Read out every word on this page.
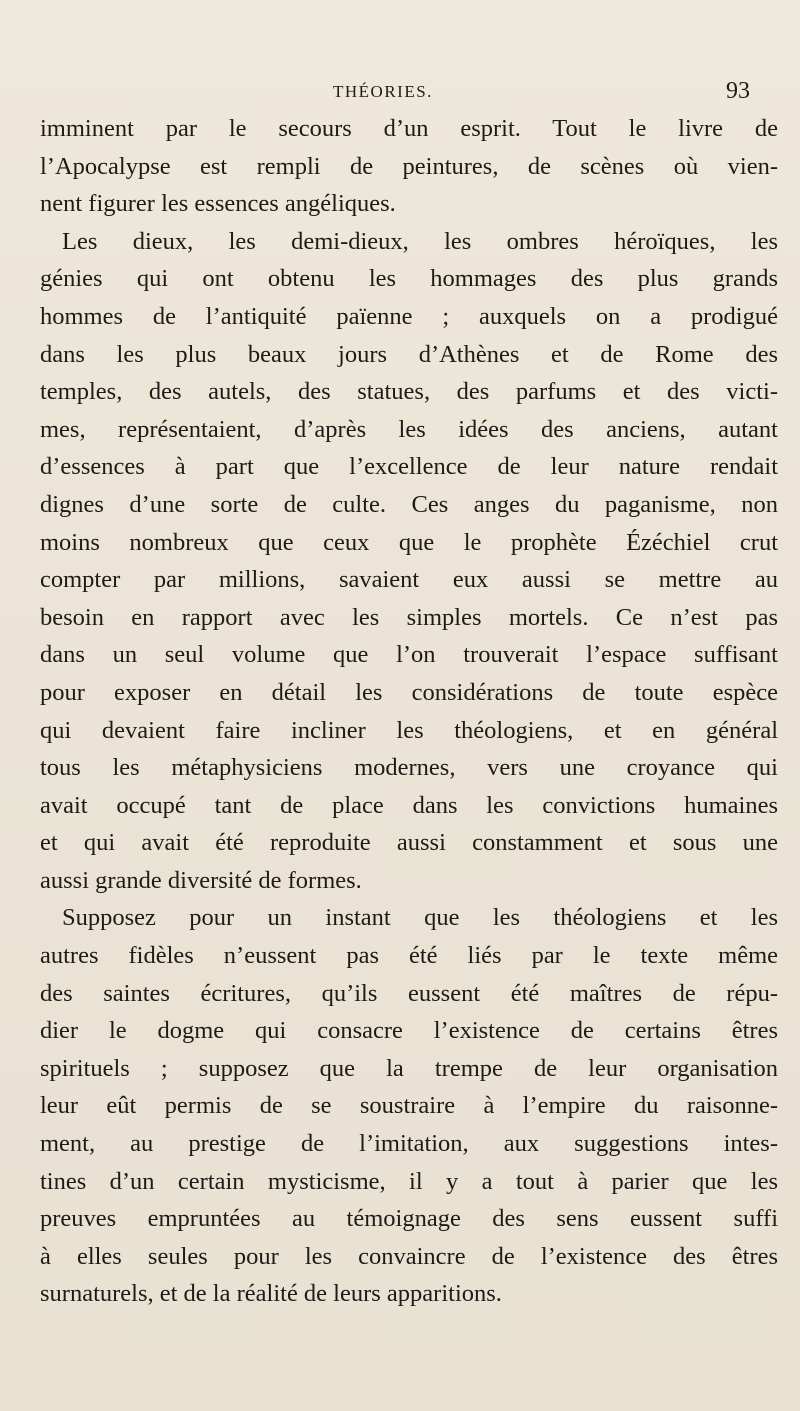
THÉORIES.	93
imminent par le secours d’un esprit. Tout le livre de
l’Apocalypse est rempli de peintures, de scènes où vien-
nent figurer les essences angéliques.
Les dieux, les demi-dieux, les ombres héroïques, les
génies qui ont obtenu les hommages des plus grands
hommes de l’antiquité païenne ; auxquels on a prodigué
dans les plus beaux jours d’Athènes et de Rome des
temples, des autels, des statues, des parfums et des victi-
mes, représentaient, d’après les idées des anciens, autant
d’essences à part que l’excellence de leur nature rendait
dignes d’une sorte de culte. Ces anges du paganisme, non
moins nombreux que ceux que le prophète Ézéchiel crut
compter par millions, savaient eux aussi se mettre au
besoin en rapport avec les simples mortels. Ce n’est pas
dans un seul volume que l’on trouverait l’espace suffisant
pour exposer en détail les considérations de toute espèce
qui devaient faire incliner les théologiens, et en général
tous les métaphysiciens modernes, vers une croyance qui
avait occupé tant de place dans les convictions humaines
et qui avait été reproduite aussi constamment et sous une
aussi grande diversité de formes.
Supposez pour un instant que les théologiens et les
autres fidèles n’eussent pas été liés par le texte même
des saintes écritures, qu’ils eussent été maîtres de répu-
dier le dogme qui consacre l’existence de certains êtres
spirituels ; supposez que la trempe de leur organisation
leur eût permis de se soustraire à l’empire du raisonne-
ment, au prestige de l’imitation, aux suggestions intes-
tines d’un certain mysticisme, il y a tout à parier que les
preuves empruntées au témoignage des sens eussent suffi
à elles seules pour les convaincre de l’existence des êtres
surnaturels, et de la réalité de leurs apparitions.
